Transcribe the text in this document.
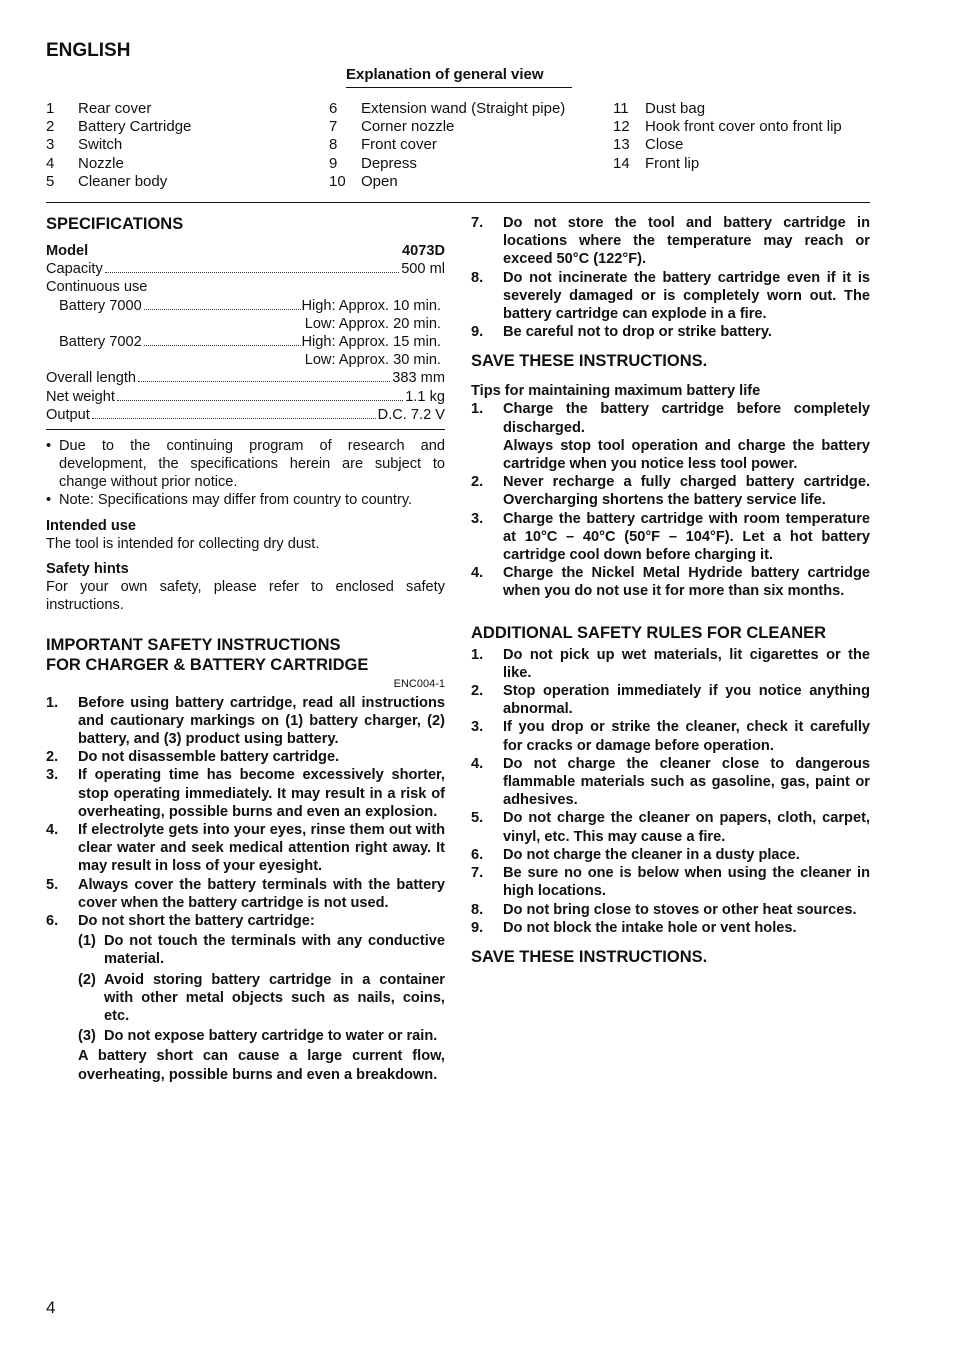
ENGLISH
Explanation of general view
1	Rear cover
2	Battery Cartridge
3	Switch
4	Nozzle
5	Cleaner body
6	Extension wand (Straight pipe)
7	Corner nozzle
8	Front cover
9	Depress
10	Open
11	Dust bag
12	Hook front cover onto front lip
13	Close
14	Front lip
SPECIFICATIONS
Model	4073D
Capacity	500 ml
Continuous use
Battery 7000	High: Approx. 10 min.
Low: Approx. 20 min.
Battery 7002	High: Approx. 15 min.
Low: Approx. 30 min.
Overall length	383 mm
Net weight	1.1 kg
Output	D.C. 7.2 V
• Due to the continuing program of research and development, the specifications herein are subject to change without prior notice.
• Note: Specifications may differ from country to country.
Intended use
The tool is intended for collecting dry dust.
Safety hints
For your own safety, please refer to enclosed safety instructions.
IMPORTANT SAFETY INSTRUCTIONS
FOR CHARGER & BATTERY CARTRIDGE
ENC004-1
1.	Before using battery cartridge, read all instructions and cautionary markings on (1) battery charger, (2) battery, and (3) product using battery.
2.	Do not disassemble battery cartridge.
3.	If operating time has become excessively shorter, stop operating immediately. It may result in a risk of overheating, possible burns and even an explosion.
4.	If electrolyte gets into your eyes, rinse them out with clear water and seek medical attention right away. It may result in loss of your eyesight.
5.	Always cover the battery terminals with the battery cover when the battery cartridge is not used.
6.	Do not short the battery cartridge:
(1) Do not touch the terminals with any conductive material.
(2) Avoid storing battery cartridge in a container with other metal objects such as nails, coins, etc.
(3) Do not expose battery cartridge to water or rain.
A battery short can cause a large current flow, overheating, possible burns and even a breakdown.
7.	Do not store the tool and battery cartridge in locations where the temperature may reach or exceed 50°C (122°F).
8.	Do not incinerate the battery cartridge even if it is severely damaged or is completely worn out. The battery cartridge can explode in a fire.
9.	Be careful not to drop or strike battery.
SAVE THESE INSTRUCTIONS.
Tips for maintaining maximum battery life
1.	Charge the battery cartridge before completely discharged.
Always stop tool operation and charge the battery cartridge when you notice less tool power.
2.	Never recharge a fully charged battery cartridge. Overcharging shortens the battery service life.
3.	Charge the battery cartridge with room temperature at 10°C – 40°C (50°F – 104°F). Let a hot battery cartridge cool down before charging it.
4.	Charge the Nickel Metal Hydride battery cartridge when you do not use it for more than six months.
ADDITIONAL SAFETY RULES FOR CLEANER
1.	Do not pick up wet materials, lit cigarettes or the like.
2.	Stop operation immediately if you notice anything abnormal.
3.	If you drop or strike the cleaner, check it carefully for cracks or damage before operation.
4.	Do not charge the cleaner close to dangerous flammable materials such as gasoline, gas, paint or adhesives.
5.	Do not charge the cleaner on papers, cloth, carpet, vinyl, etc. This may cause a fire.
6.	Do not charge the cleaner in a dusty place.
7.	Be sure no one is below when using the cleaner in high locations.
8.	Do not bring close to stoves or other heat sources.
9.	Do not block the intake hole or vent holes.
SAVE THESE INSTRUCTIONS.
4
